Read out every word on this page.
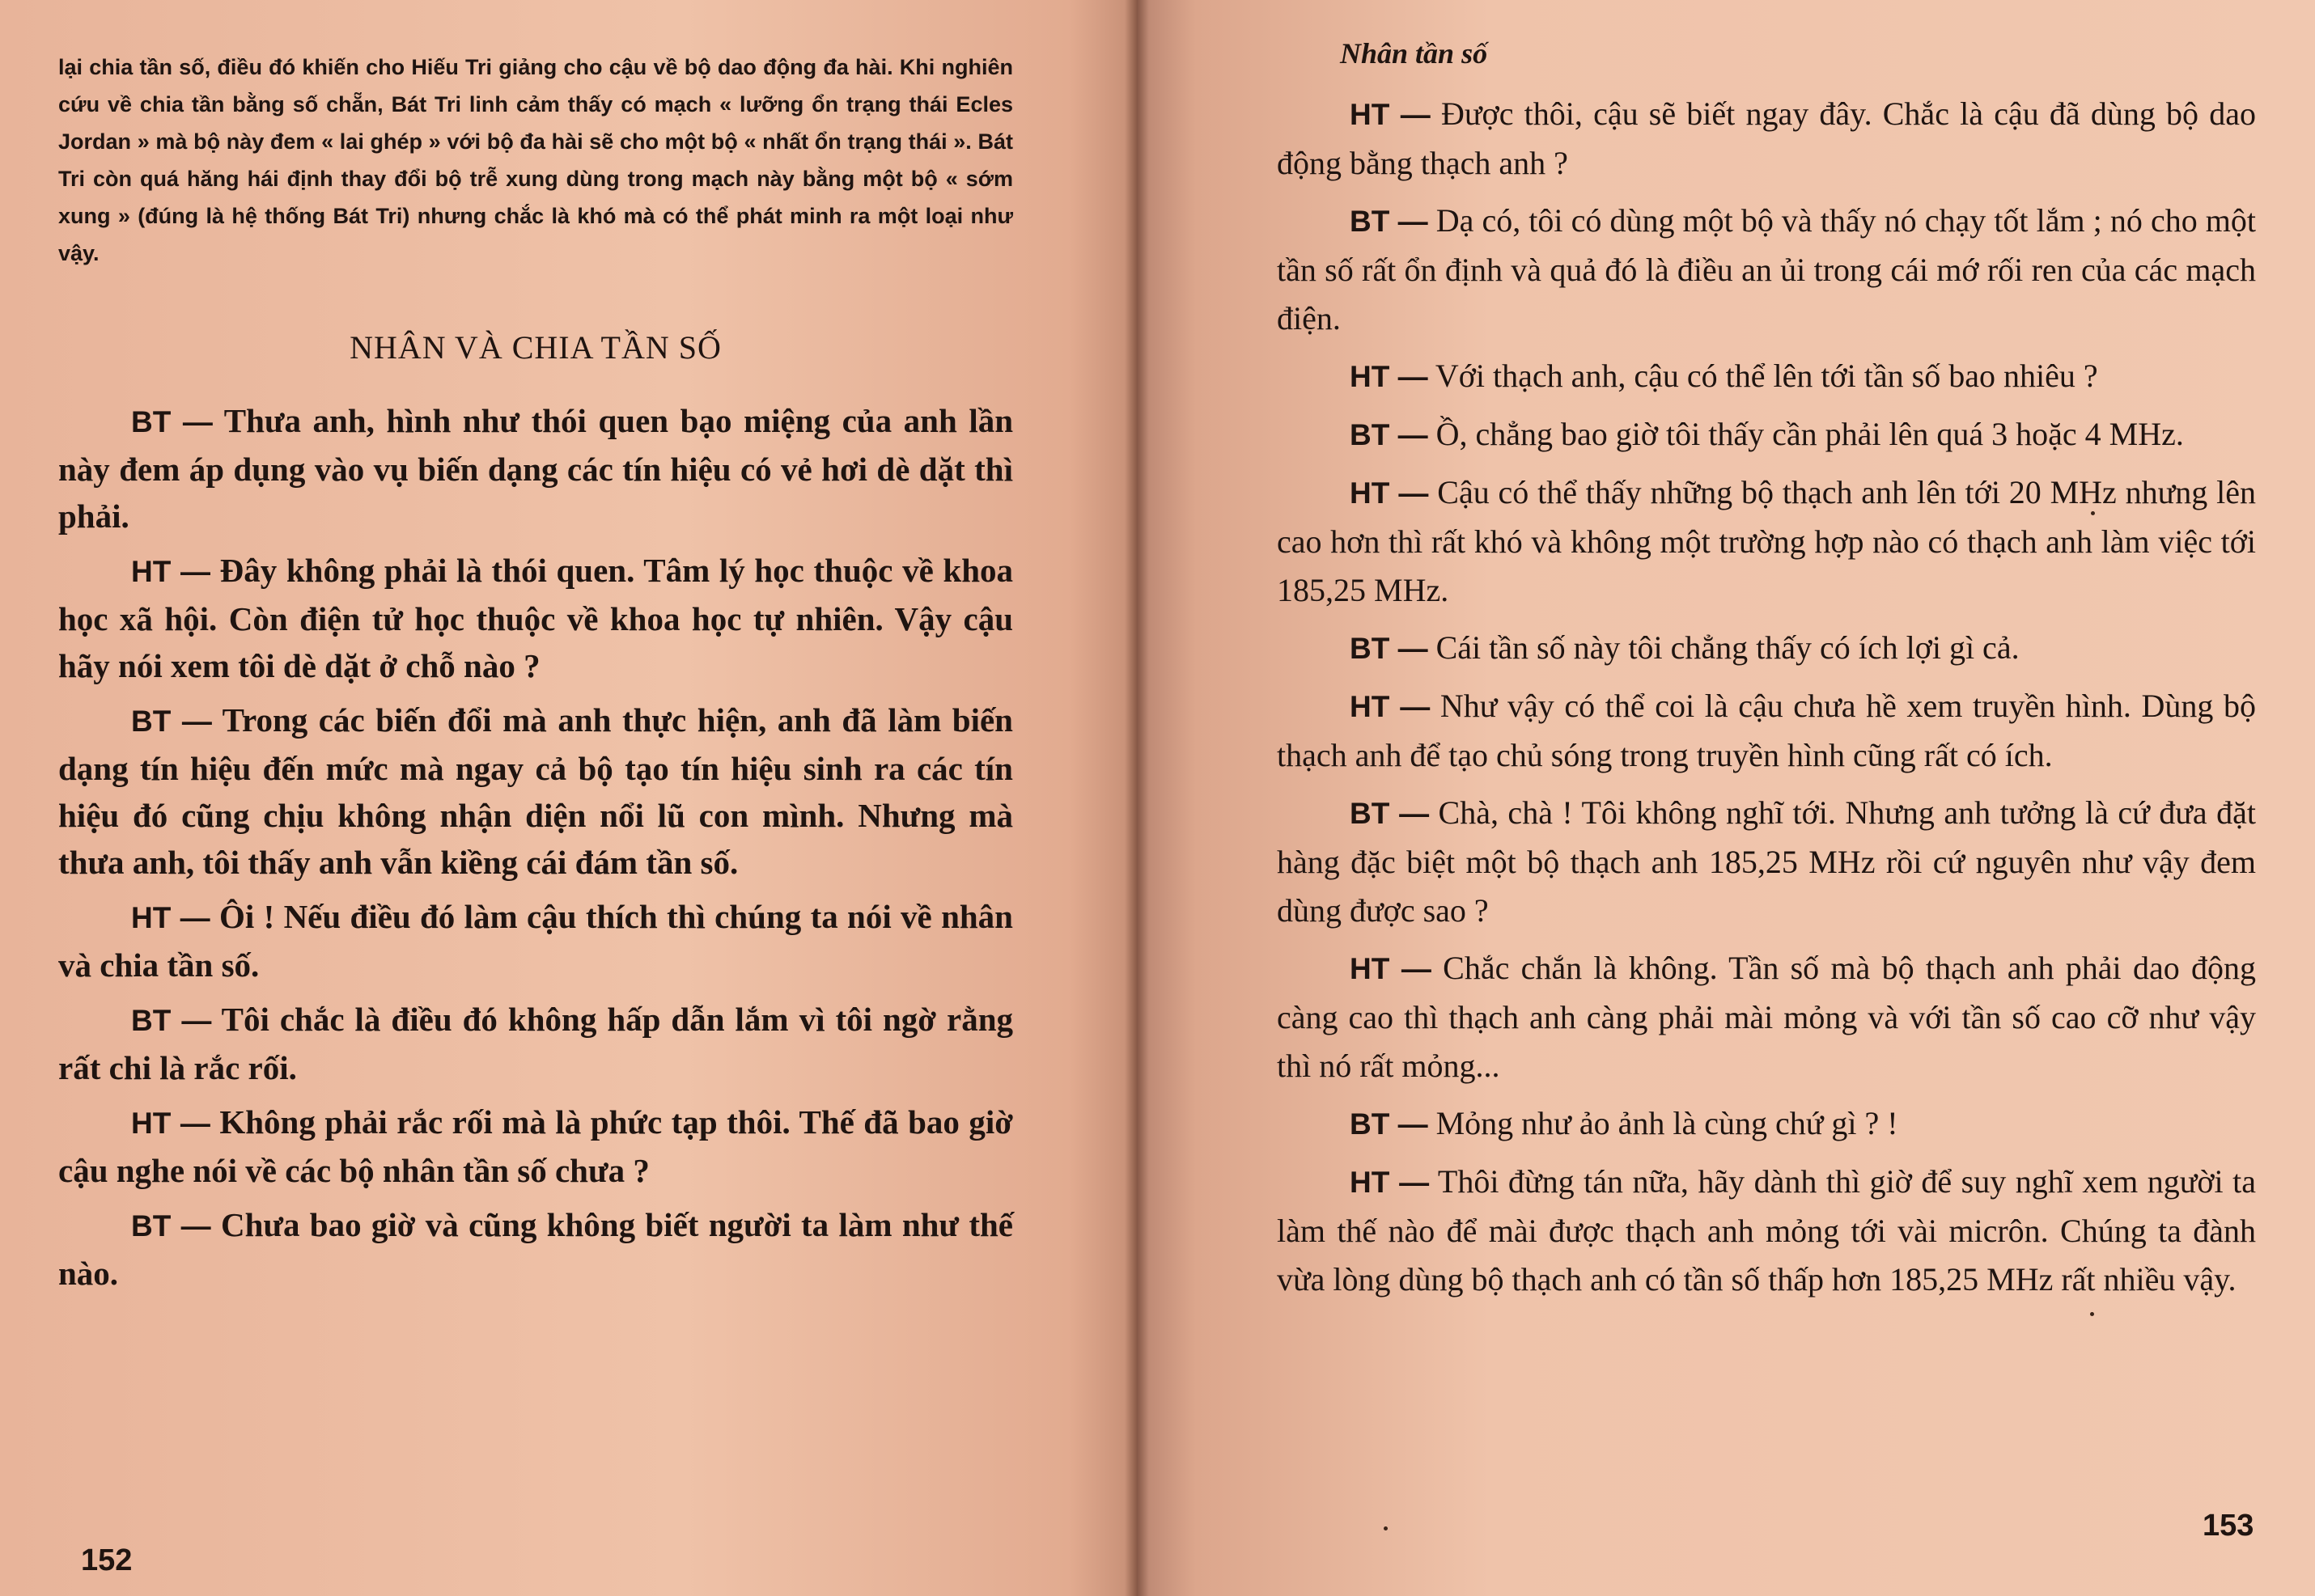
lại chia tần số, điều đó khiến cho Hiếu Tri giảng cho cậu về bộ dao động đa hài. Khi nghiên cứu về chia tần bằng số chẵn, Bát Tri linh cảm thấy có mạch « lưỡng ổn trạng thái Ecles Jordan » mà bộ này đem « lai ghép » với bộ đa hài sẽ cho một bộ « nhất ổn trạng thái ». Bát Tri còn quá hăng hái định thay đổi bộ trễ xung dùng trong mạch này bằng một bộ « sớm xung » (đúng là hệ thống Bát Tri) nhưng chắc là khó mà có thể phát minh ra một loại như vậy.

NHÂN VÀ CHIA TẦN SỐ

BT — Thưa anh, hình như thói quen bạo miệng của anh lần này đem áp dụng vào vụ biến dạng các tín hiệu có vẻ hơi dè dặt thì phải.

HT — Đây không phải là thói quen. Tâm lý học thuộc về khoa học xã hội. Còn điện tử học thuộc về khoa học tự nhiên. Vậy cậu hãy nói xem tôi dè dặt ở chỗ nào ?

BT — Trong các biến đổi mà anh thực hiện, anh đã làm biến dạng tín hiệu đến mức mà ngay cả bộ tạo tín hiệu sinh ra các tín hiệu đó cũng chịu không nhận diện nổi lũ con mình. Nhưng mà thưa anh, tôi thấy anh vẫn kiềng cái đám tần số.

HT — Ôi ! Nếu điều đó làm cậu thích thì chúng ta nói về nhân và chia tần số.

BT — Tôi chắc là điều đó không hấp dẫn lắm vì tôi ngờ rằng rất chi là rắc rối.

HT — Không phải rắc rối mà là phức tạp thôi. Thế đã bao giờ cậu nghe nói về các bộ nhân tần số chưa ?

BT — Chưa bao giờ và cũng không biết người ta làm như thế nào.

152
Nhân tần số

HT — Được thôi, cậu sẽ biết ngay đây. Chắc là cậu đã dùng bộ dao động bằng thạch anh ?

BT — Dạ có, tôi có dùng một bộ và thấy nó chạy tốt lắm ; nó cho một tần số rất ổn định và quả đó là điều an ủi trong cái mớ rối ren của các mạch điện.

HT — Với thạch anh, cậu có thể lên tới tần số bao nhiêu ?

BT — Ồ, chẳng bao giờ tôi thấy cần phải lên quá 3 hoặc 4 MHz.

HT — Cậu có thể thấy những bộ thạch anh lên tới 20 MHz nhưng lên cao hơn thì rất khó và không một trường hợp nào có thạch anh làm việc tới 185,25 MHz.

BT — Cái tần số này tôi chẳng thấy có ích lợi gì cả.

HT — Như vậy có thể coi là cậu chưa hề xem truyền hình. Dùng bộ thạch anh để tạo chủ sóng trong truyền hình cũng rất có ích.

BT — Chà, chà ! Tôi không nghĩ tới. Nhưng anh tưởng là cứ đưa đặt hàng đặc biệt một bộ thạch anh 185,25 MHz rồi cứ nguyên như vậy đem dùng được sao ?

HT — Chắc chắn là không. Tần số mà bộ thạch anh phải dao động càng cao thì thạch anh càng phải mài mỏng và với tần số cao cỡ như vậy thì nó rất mỏng...

BT — Mỏng như ảo ảnh là cùng chứ gì ? !

HT — Thôi đừng tán nữa, hãy dành thì giờ để suy nghĩ xem người ta làm thế nào để mài được thạch anh mỏng tới vài micrôn. Chúng ta đành vừa lòng dùng bộ thạch anh có tần số thấp hơn 185,25 MHz rất nhiều vậy.

153
